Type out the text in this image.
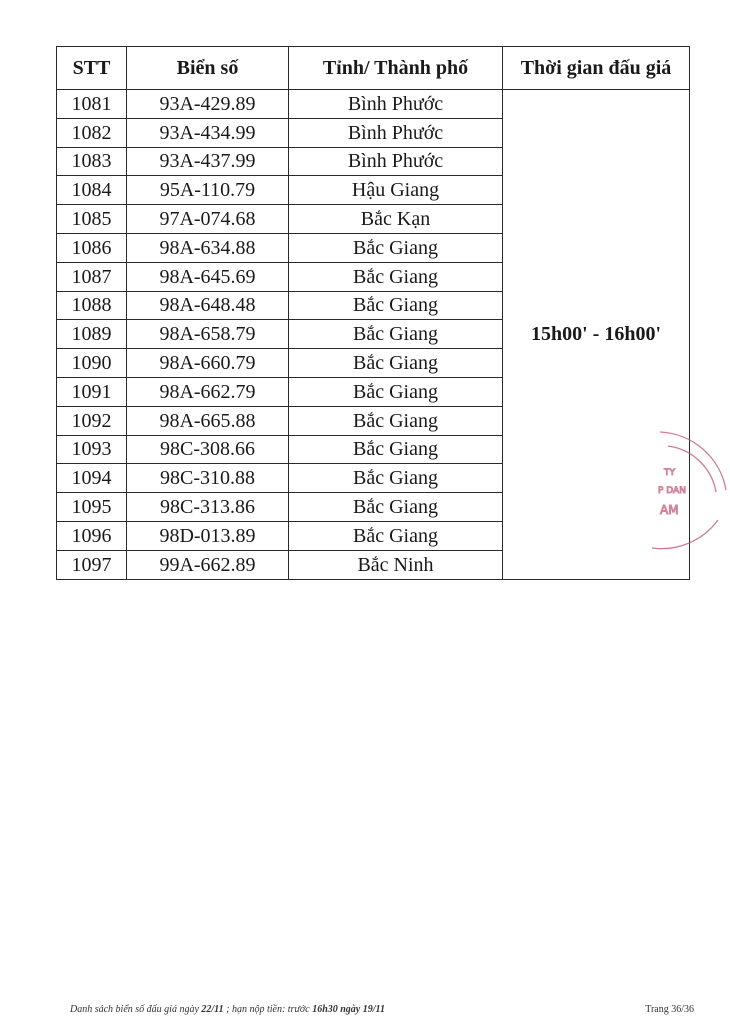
STT	Biển số	Tỉnh/ Thành phố	Thời gian đấu giá
1081	93A-429.89	Bình Phước	15h00' - 16h00'
1082	93A-434.99	Bình Phước	
1083	93A-437.99	Bình Phước	
1084	95A-110.79	Hậu Giang	
1085	97A-074.68	Bắc Kạn	
1086	98A-634.88	Bắc Giang	
1087	98A-645.69	Bắc Giang	
1088	98A-648.48	Bắc Giang	
1089	98A-658.79	Bắc Giang	
1090	98A-660.79	Bắc Giang	
1091	98A-662.79	Bắc Giang	
1092	98A-665.88	Bắc Giang	
1093	98C-308.66	Bắc Giang	
1094	98C-310.88	Bắc Giang	
1095	98C-313.86	Bắc Giang	
1096	98D-013.89	Bắc Giang	
1097	99A-662.89	Bắc Ninh	
TY
P DAN
AM
Danh sách biển số đấu giá ngày 22/11 ; hạn nộp tiền: trước 16h30 ngày 19/11	Trang 36/36
